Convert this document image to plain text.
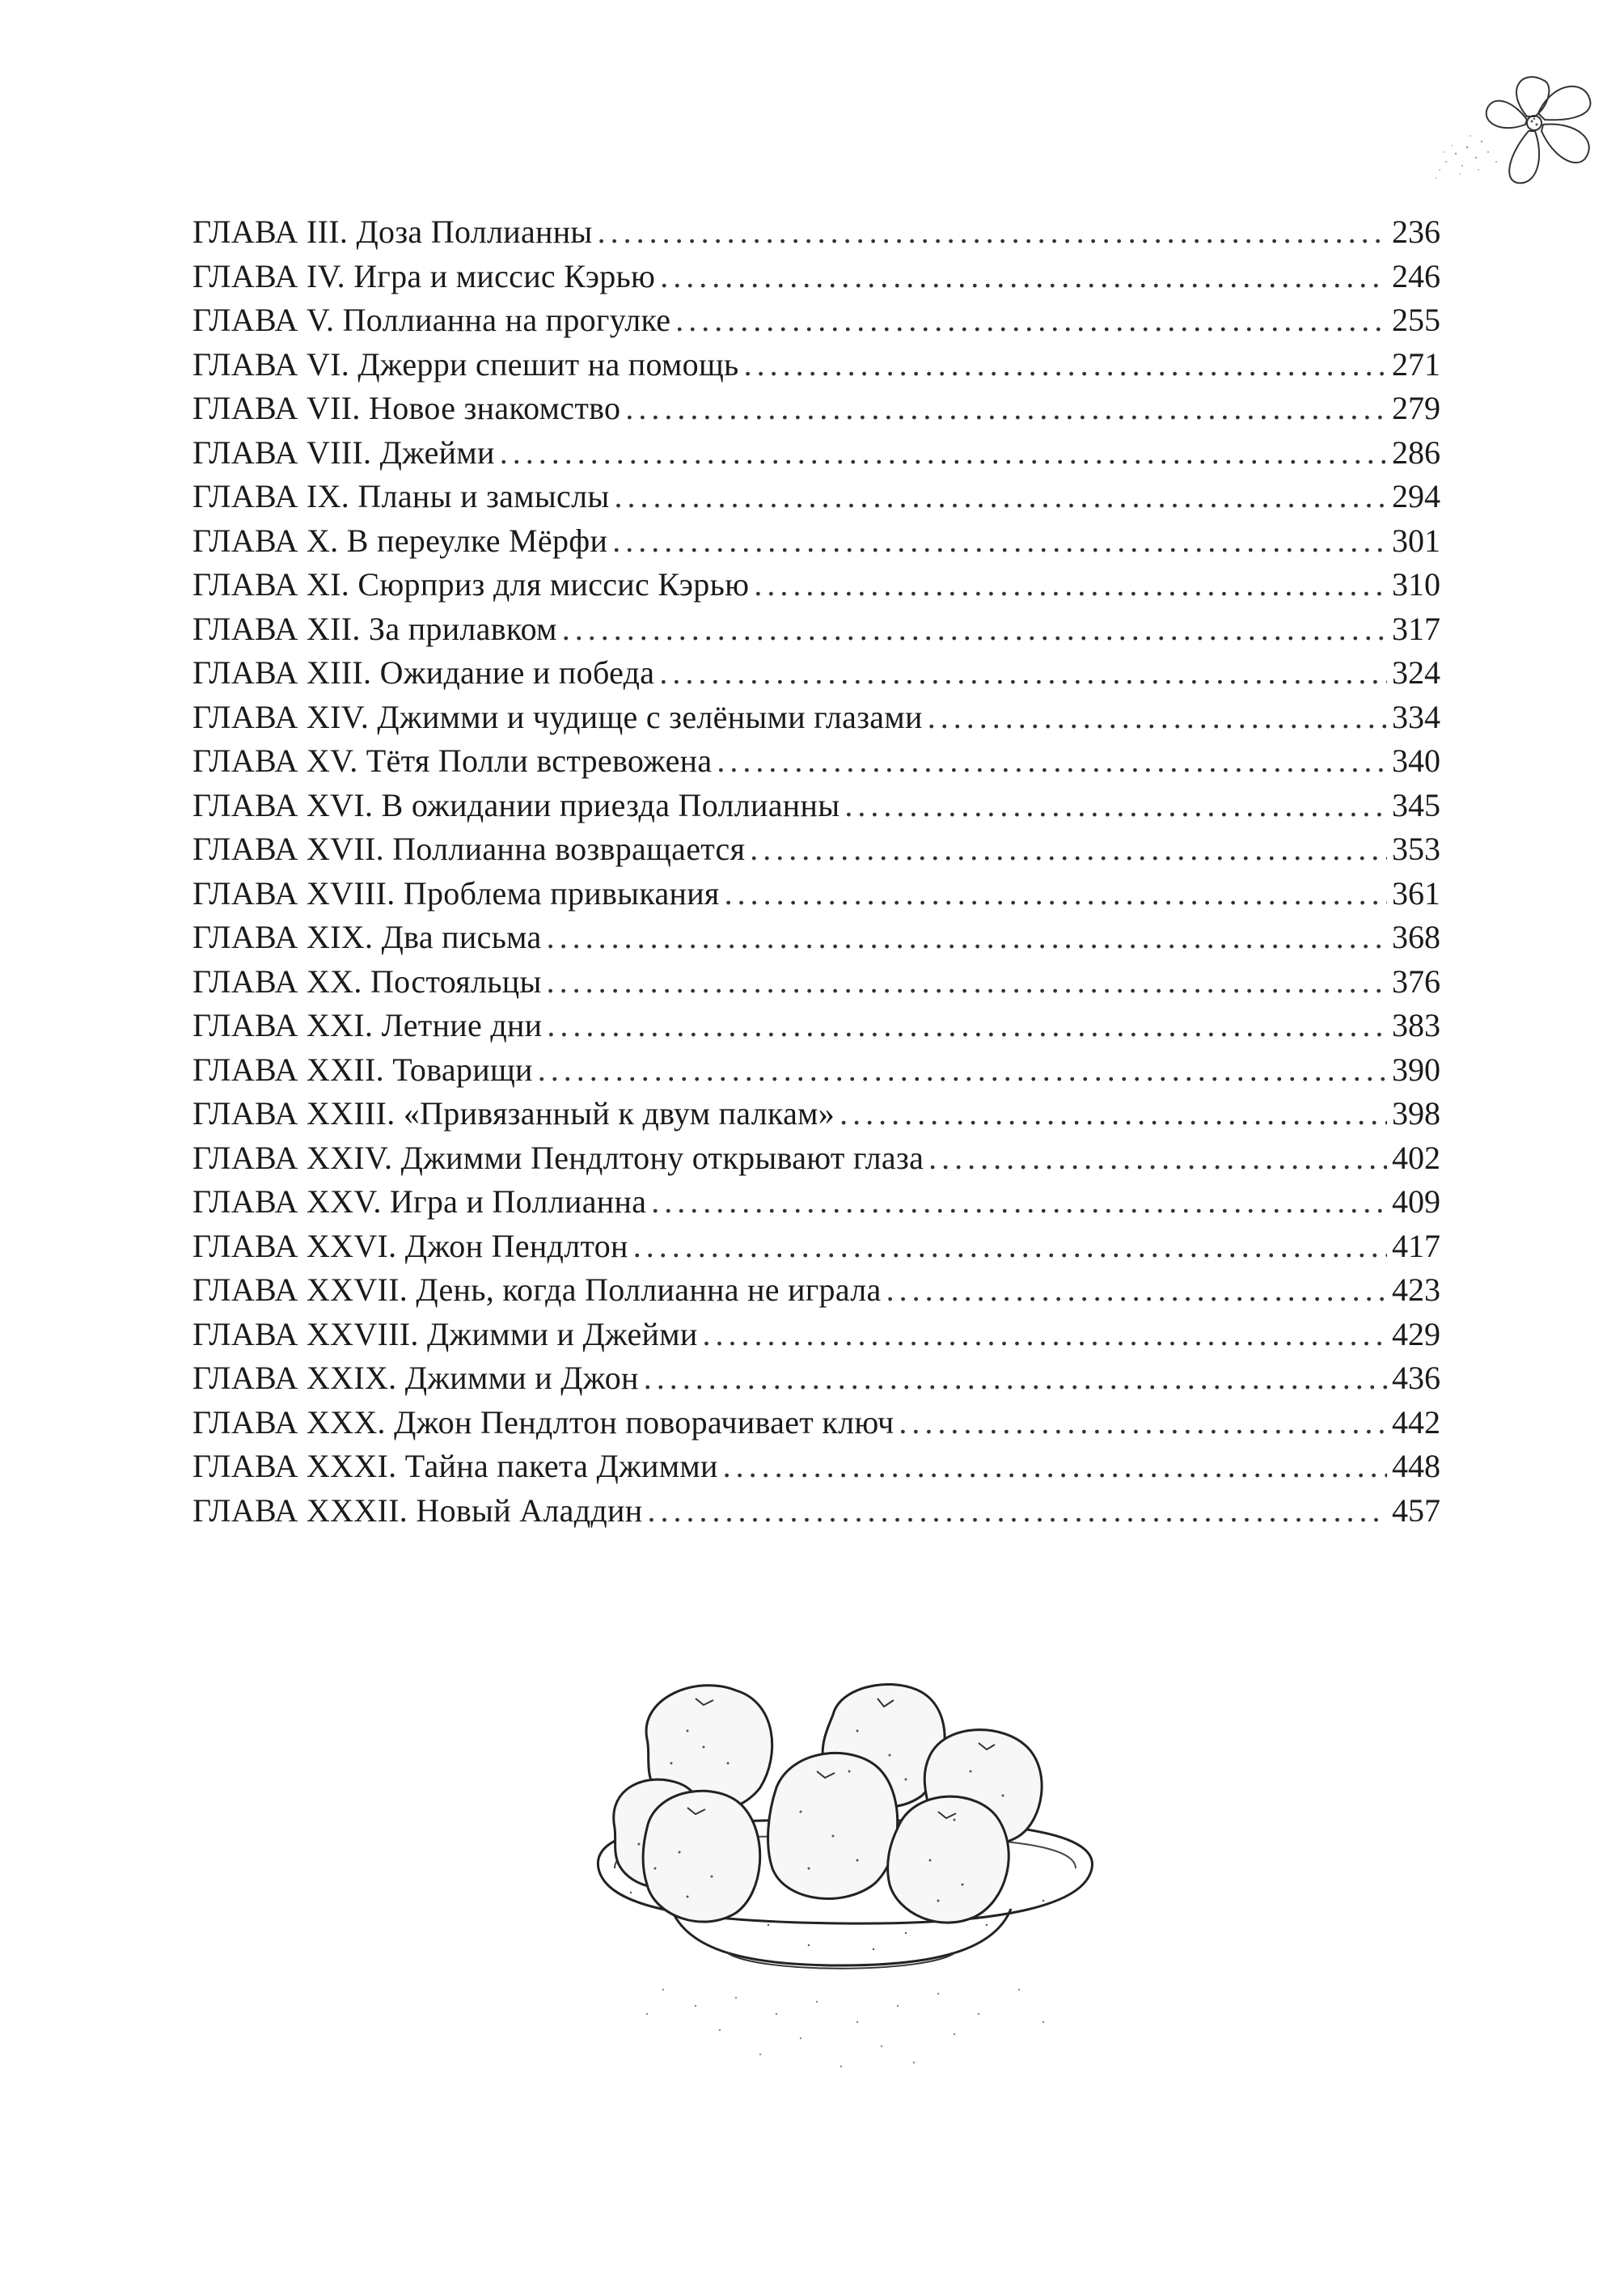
ГЛАВА III. Доза Поллианны .....	236
ГЛАВА IV. Игра и миссис Кэрью .....	246
ГЛАВА V. Поллианна на прогулке .....	255
ГЛАВА VI. Джерри спешит на помощь .....	271
ГЛАВА VII. Новое знакомство .....	279
ГЛАВА VIII. Джейми .....	286
ГЛАВА IX. Планы и замыслы .....	294
ГЛАВА X. В переулке Мёрфи .....	301
ГЛАВА XI. Сюрприз для миссис Кэрью .....	310
ГЛАВА XII. За прилавком .....	317
ГЛАВА XIII. Ожидание и победа .....	324
ГЛАВА XIV. Джимми и чудище с зелёными глазами .....	334
ГЛАВА XV. Тётя Полли встревожена .....	340
ГЛАВА XVI. В ожидании приезда Поллианны .....	345
ГЛАВА XVII. Поллианна возвращается .....	353
ГЛАВА XVIII. Проблема привыкания .....	361
ГЛАВА XIX. Два письма .....	368
ГЛАВА XX. Постояльцы .....	376
ГЛАВА XXI. Летние дни .....	383
ГЛАВА XXII. Товарищи .....	390
ГЛАВА XXIII. «Привязанный к двум палкам» .....	398
ГЛАВА XXIV. Джимми Пендлтону открывают глаза .....	402
ГЛАВА XXV. Игра и Поллианна .....	409
ГЛАВА XXVI. Джон Пендлтон .....	417
ГЛАВА XXVII. День, когда Поллианна не играла .....	423
ГЛАВА XXVIII. Джимми и Джейми .....	429
ГЛАВА XXIX. Джимми и Джон .....	436
ГЛАВА XXX. Джон Пендлтон поворачивает ключ .....	442
ГЛАВА XXXI. Тайна пакета Джимми .....	448
ГЛАВА XXXII. Новый Аладдин .....	457
